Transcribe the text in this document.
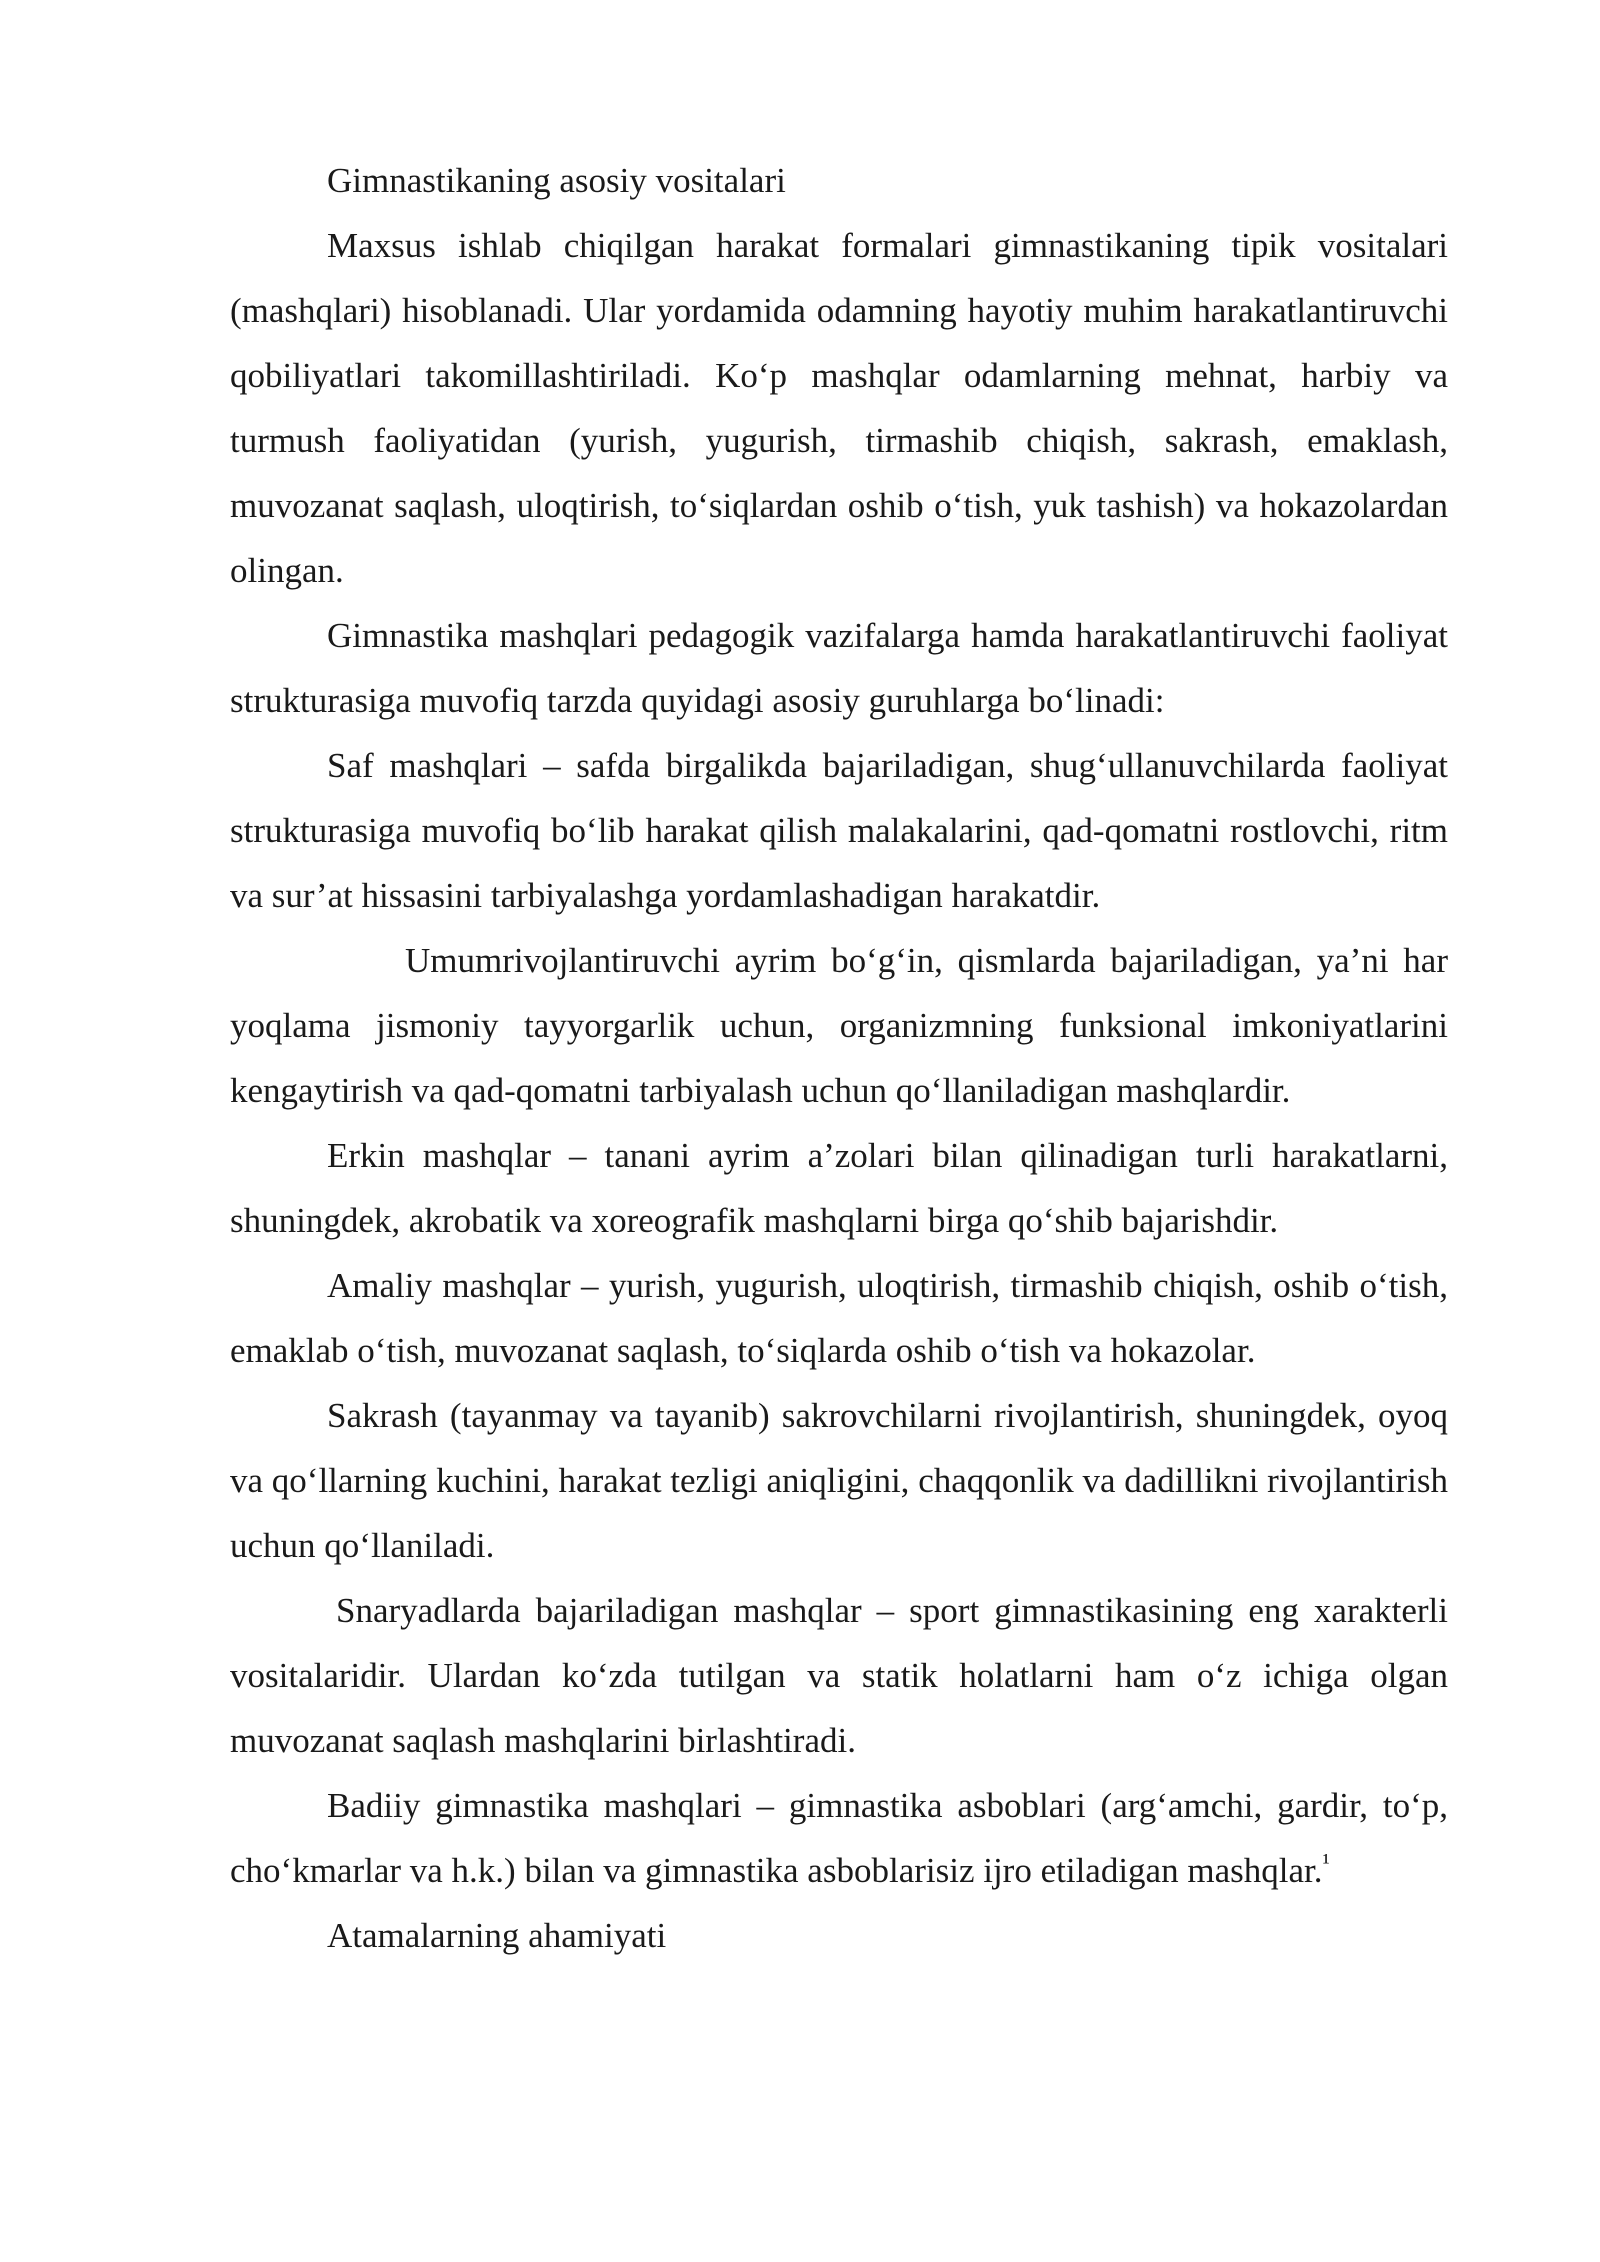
Gimnastikaning asosiy vositalari

Maxsus ishlab chiqilgan harakat formalari gimnastikaning tipik vositalari (mashqlari) hisoblanadi. Ular yordamida odamning hayotiy muhim harakatlantiruvchi qobiliyatlari takomillashtiriladi. Koʻp mashqlar odamlarning mehnat, harbiy va turmush faoliyatidan (yurish, yugurish, tirmashib chiqish, sakrash, emaklash, muvozanat saqlash, uloqtirish, toʻsiqlardan oshib oʻtish, yuk tashish) va hokazolardan olingan.

Gimnastika mashqlari pedagogik vazifalarga hamda harakatlantiruvchi faoliyat strukturasiga muvofiq tarzda quyidagi asosiy guruhlarga boʻlinadi:

Saf mashqlari – safda birgalikda bajariladigan, shugʻullanuvchilarda faoliyat strukturasiga muvofiq boʻlib harakat qilish malakalarini, qad-qomatni rostlovchi, ritm va sur’at hissasini tarbiyalashga yordamlashadigan harakatdir.

Umumrivojlantiruvchi ayrim boʻgʻin, qismlarda bajariladigan, ya’ni har yoqlama jismoniy tayyorgarlik uchun, organizmning funksional imkoniyatlarini kengaytirish va qad-qomatni tarbiyalash uchun qoʻllaniladigan mashqlardir.

Erkin mashqlar – tanani ayrim a’zolari bilan qilinadigan turli harakatlarni, shuningdek, akrobatik va xoreografik mashqlarni birga qoʻshib bajarishdir.

Amaliy mashqlar – yurish, yugurish, uloqtirish, tirmashib chiqish, oshib oʻtish, emaklab oʻtish, muvozanat saqlash, toʻsiqlarda oshib oʻtish va hokazolar.

Sakrash (tayanmay va tayanib) sakrovchilarni rivojlantirish, shuningdek, oyoq va qoʻllarning kuchini, harakat tezligi aniqligini, chaqqonlik va dadillikni rivojlantirish uchun qoʻllaniladi.

Snaryadlarda bajariladigan mashqlar – sport gimnastikasining eng xarakterli vositalaridir. Ulardan koʻzda tutilgan va statik holatlarni ham oʻz ichiga olgan muvozanat saqlash mashqlarini birlashtiradi.

Badiiy gimnastika mashqlari – gimnastika asboblari (argʻamchi, gardir, toʻp, choʻkmarlar va h.k.) bilan va gimnastika asboblarisiz ijro etiladigan mashqlar.$^{^1}$

Atamalarning ahamiyati
